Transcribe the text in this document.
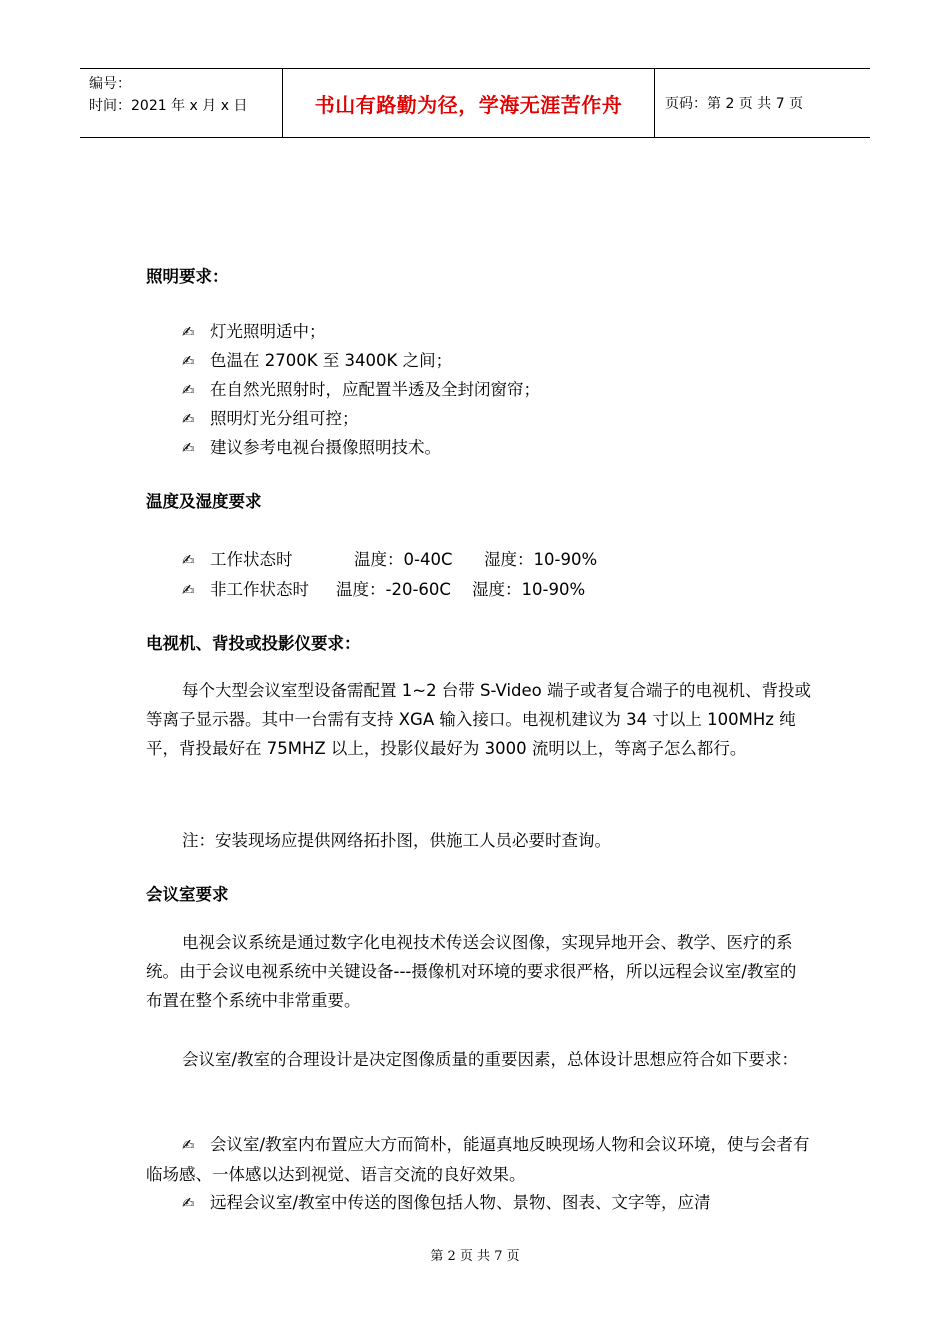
编号：
时间：2021 年 x 月 x 日	书山有路勤为径，学海无涯苦作舟	页码：第 2 页 共 7 页
照明要求：
✍ 灯光照明适中；
✍ 色温在 2700K 至 3400K 之间；
✍ 在自然光照射时，应配置半透及全封闭窗帘；
✍ 照明灯光分组可控；
✍ 建议参考电视台摄像照明技术。
温度及湿度要求
✍ 工作状态时	温度：0-40C 湿度：10-90%
✍ 非工作状态时 温度：-20-60C 湿度：10-90%
电视机、背投或投影仪要求：
每个大型会议室型设备需配置 1~2 台带 S-Video 端子或者复合端子的电视机、背投或等离子显示器。其中一台需有支持 XGA 输入接口。电视机建议为 34 寸以上 100MHz 纯平，背投最好在 75MHZ 以上，投影仪最好为 3000 流明以上，等离子怎么都行。
注：安装现场应提供网络拓扑图，供施工人员必要时查询。
会议室要求
电视会议系统是通过数字化电视技术传送会议图像，实现异地开会、教学、医疗的系统。由于会议电视系统中关键设备---摄像机对环境的要求很严格，所以远程会议室/教室的布置在整个系统中非常重要。
会议室/教室的合理设计是决定图像质量的重要因素，总体设计思想应符合如下要求：
✍ 会议室/教室内布置应大方而简朴，能逼真地反映现场人物和会议环境，使与会者有临场感、一体感以达到视觉、语言交流的良好效果。
✍ 远程会议室/教室中传送的图像包括人物、景物、图表、文字等，应清
第 2 页 共 7 页
